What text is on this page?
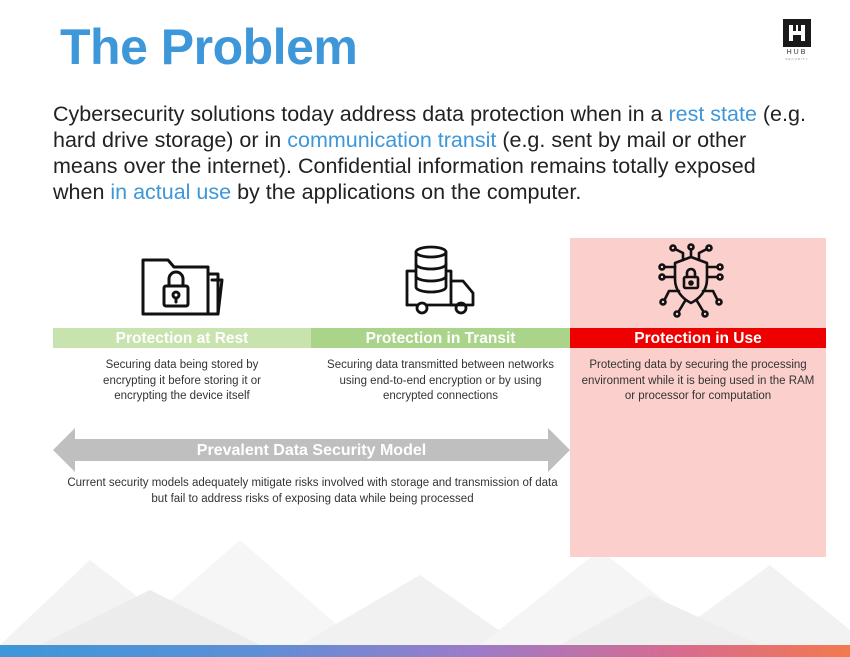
The Problem	HUB
SECURITY

Cybersecurity solutions today address data protection when in a rest state (e.g. hard drive storage) or in communication transit (e.g. sent by mail or other means over the internet). Confidential information remains totally exposed when in actual use by the applications on the computer.

Protection at Rest	Protection in Transit	Protection in Use
Securing data being stored by encrypting it before storing it or encrypting the device itself
Securing data transmitted between networks using end-to-end encryption or by using encrypted connections
Protecting data by securing the processing environment while it is being used in the RAM or processor for computation
Prevalent Data Security Model
Current security models adequately mitigate risks involved with storage and transmission of data but fail to address risks of exposing data while being processed
